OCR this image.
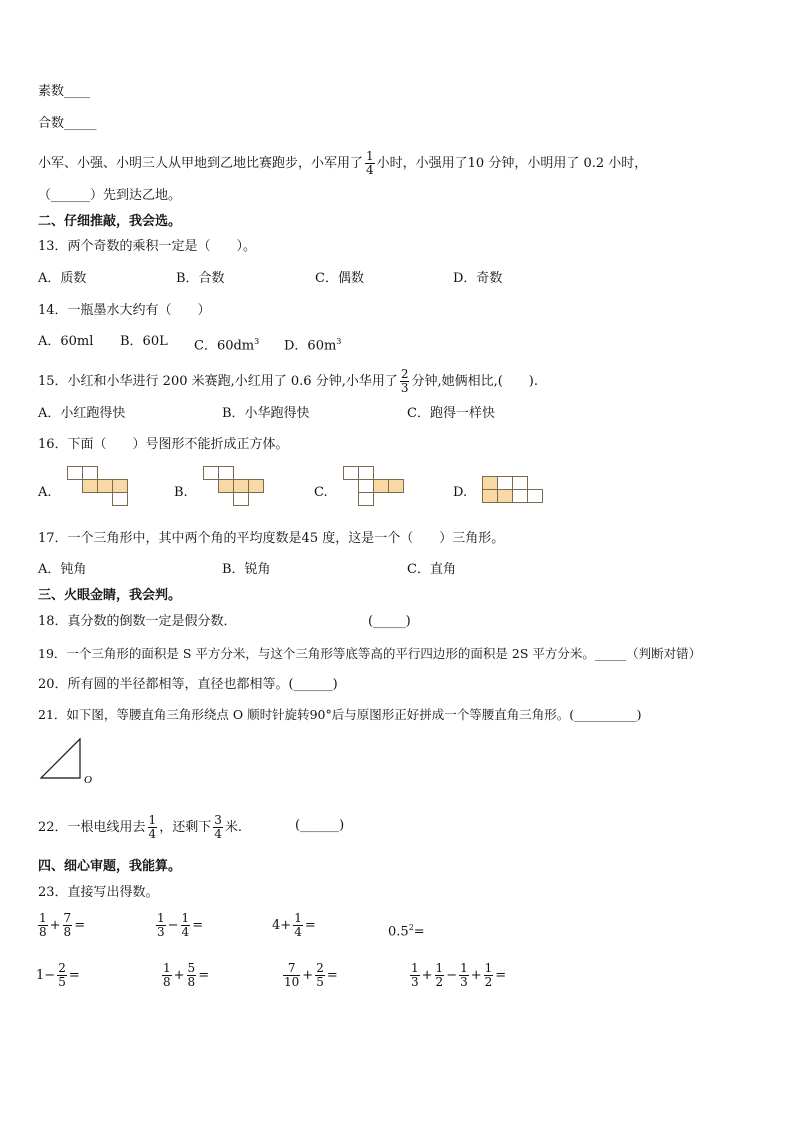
素数____
合数_____
小军、小强、小明三人从甲地到乙地比赛跑步，小军用了 $\frac{1}{4}$ 小时，小强用了10 分钟，小明用了 0.2 小时，
（______）先到达乙地。
二、仔细推敲，我会选。
13．两个奇数的乘积一定是（　　）。
A．质数	B．合数	C．偶数	D．奇数
14．一瓶墨水大约有（　　）
A．60ml B．60L C．$60dm^3$ D．$60m^3$
15．小红和小华进行 200 米赛跑,小红用了 0.6 分钟,小华用了 $\frac{2}{3}$ 分钟,她俩相比,(　　).
A．小红跑得快	B．小华跑得快	C．跑得一样快
16．下面（　　）号图形不能折成正方体。
A.	B.	C.	D.
17．一个三角形中，其中两个角的平均度数是45 度，这是一个（　　）三角形。
A．钝角	B．锐角	C．直角
三、火眼金睛，我会判。
18．真分数的倒数一定是假分数．	(_____)
19．一个三角形的面积是 S 平方分米，与这个三角形等底等高的平行四边形的面积是 2S 平方分米。_____（判断对错）
20．所有圆的半径都相等，直径也都相等。(______)
21．如下图，等腰直角三角形绕点 O 顺时针旋转90°后与原图形正好拼成一个等腰直角三角形。(__________)
O
22．一根电线用去 $\frac{1}{4}$ ，还剩下 $\frac{3}{4}$ 米.	(______)
四、细心审题，我能算。
23．直接写出得数。
$\frac{1}{8} + \frac{7}{8}$ =	$\frac{1}{3} - \frac{1}{4}$ =	$4+ \frac{1}{4}$ =	$0.5^2=$
$1- \frac{2}{5}$ =	$\frac{1}{8} + \frac{5}{8}$ =	$\frac{7}{10} + \frac{2}{5}$ =	$\frac{1}{3} + \frac{1}{2} - \frac{1}{3} + \frac{1}{2}$ =
